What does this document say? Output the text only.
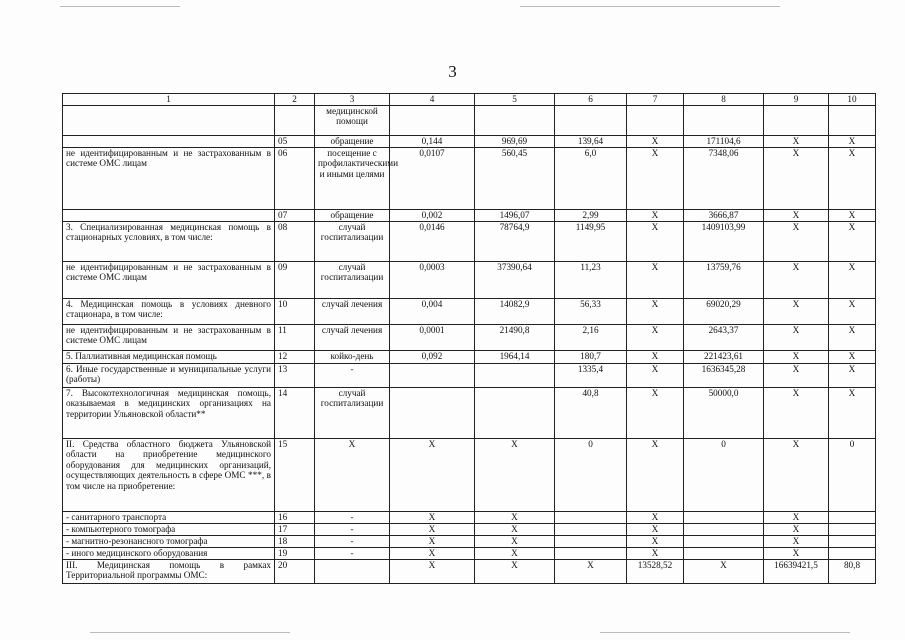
3
1	2	3	4	5	6	7	8	9	10
		медицинской помощи							
	05	обращение	0,144	969,69	139,64	X	171104,6	X	X
не идентифицированным и не застрахованным в системе ОМС лицам	06	посещение с профилактическими и иными целями	0,0107	560,45	6,0	X	7348,06	X	X
	07	обращение	0,002	1496,07	2,99	X	3666,87	X	X
3. Специализированная медицинская помощь в стационарных условиях, в том числе:	08	случай госпитализации	0,0146	78764,9	1149,95	X	1409103,99	X	X
не идентифицированным и не застрахованным в системе ОМС лицам	09	случай госпитализации	0,0003	37390,64	11,23	X	13759,76	X	X
4. Медицинская помощь в условиях дневного стационара, в том числе:	10	случай лечения	0,004	14082,9	56,33	X	69020,29	X	X
не идентифицированным и не застрахованным в системе ОМС лицам	11	случай лечения	0,0001	21490,8	2,16	X	2643,37	X	X
5. Паллиативная медицинская помощь	12	койко-день	0,092	1964,14	180,7	X	221423,61	X	X
6. Иные государственные и муниципальные услуги (работы)	13	-			1335,4	X	1636345,28	X	X
7. Высокотехнологичная медицинская помощь, оказываемая в медицинских организациях на территории Ульяновской области**	14	случай госпитализации			40,8	X	50000,0	X	X
II. Средства областного бюджета Ульяновской области на приобретение медицинского оборудования для медицинских организаций, осуществляющих деятельность в сфере ОМС ***, в том числе на приобретение:	15	X	X	X	0	X	0	X	0
- санитарного транспорта	16	-	X	X		X		X	
- компьютерного томографа	17	-	X	X		X		X	
- магнитно-резонансного томографа	18	-	X	X		X		X	
- иного медицинского оборудования	19	-	X	X		X		X	
III. Медицинская помощь в рамках Территориальной программы ОМС:	20		X	X	X	13528,52	X	16639421,5	80,8
